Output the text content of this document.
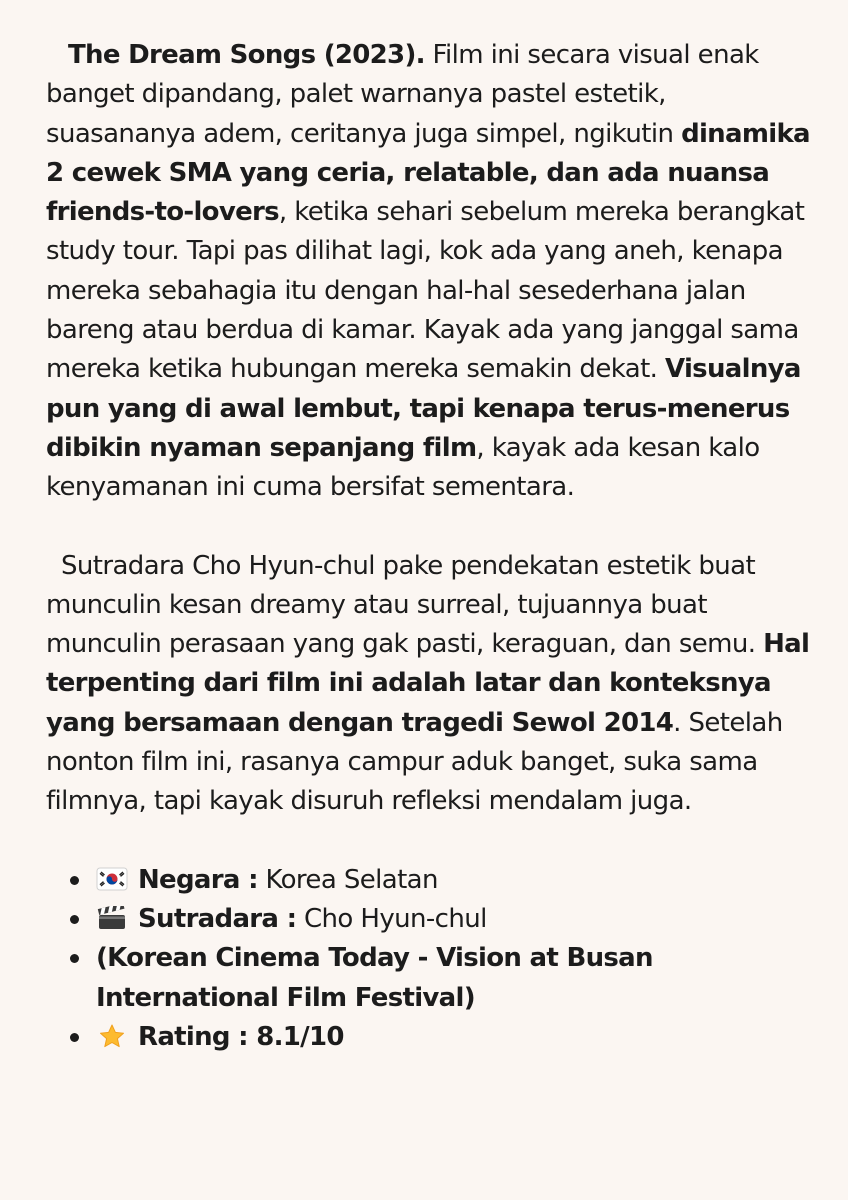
The Dream Songs (2023). Film ini secara visual enak banget dipandang, palet warnanya pastel estetik, suasananya adem, ceritanya juga simpel, ngikutin dinamika 2 cewek SMA yang ceria, relatable, dan ada nuansa friends-to-lovers, ketika sehari sebelum mereka berangkat study tour. Tapi pas dilihat lagi, kok ada yang aneh, kenapa mereka sebahagia itu dengan hal-hal sesederhana jalan bareng atau berdua di kamar. Kayak ada yang janggal sama mereka ketika hubungan mereka semakin dekat. Visualnya pun yang di awal lembut, tapi kenapa terus-menerus dibikin nyaman sepanjang film, kayak ada kesan kalo kenyamanan ini cuma bersifat sementara.

Sutradara Cho Hyun-chul pake pendekatan estetik buat munculin kesan dreamy atau surreal, tujuannya buat munculin perasaan yang gak pasti, keraguan, dan semu. Hal terpenting dari film ini adalah latar dan konteksnya yang bersamaan dengan tragedi Sewol 2014. Setelah nonton film ini, rasanya campur aduk banget, suka sama filmnya, tapi kayak disuruh refleksi mendalam juga.

Negara : Korea Selatan
Sutradara : Cho Hyun-chul
(Korean Cinema Today - Vision at Busan International Film Festival)
Rating : 8.1/10
